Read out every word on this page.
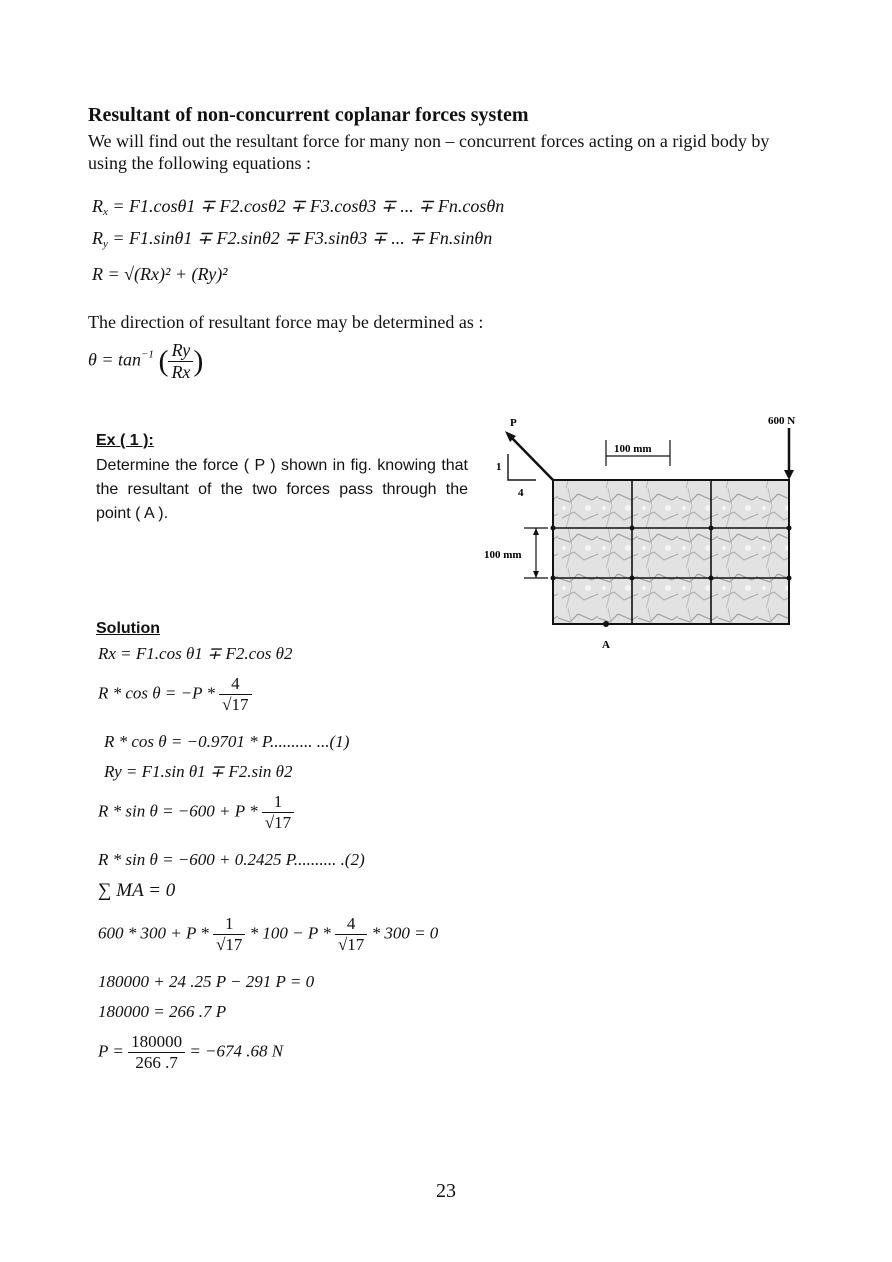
Resultant of non-concurrent coplanar forces system
We will find out the resultant force for many non – concurrent forces acting on a rigid body by using the following equations :
$R_x = F1.\cos\theta 1 \mp F2.\cos\theta 2 \mp F3.\cos\theta 3$ ∓ ... ∓ Fn.cosθn
$R_y = F1.\sin\theta 1 \mp F2.\sin\theta 2 \mp F3.\sin\theta 3$ ∓ ... ∓ Fn.sinθn
R = √(Rx)² + (Ry)²
The direction of resultant force may be determined as :
$\theta = \tan^{-1}$ ( $\frac{Ry}{Rx}$ )
Ex ( 1 ):
Determine the force ( P ) shown in fig. knowing that the resultant of the two forces pass through the point ( A ).
P
1
4
600 N
100 mm
100 mm
A
Solution
Rx = F1.cos θ1 ∓ F2.cos θ2
$R * \cos \theta = -P * \frac{4}{√17}$
R * cos θ = −0.9701 * P.......... ...(1)
Ry = F1.sin θ1 ∓ F2.sin θ2
$R * \sin \theta = -600 + P * \frac{1}{√17}$
R * sin θ = −600 + 0.2425 P.......... .(2)
∑ MA = 0
$600 * 300 + P * \frac{1}{√17} * 100 - P * \frac{4}{√17} * 300 = 0$
180000 + 24 .25 P − 291 P = 0
180000 = 266 .7 P
$P = \frac{180000}{266 .7} = -674$ .68 N
23
